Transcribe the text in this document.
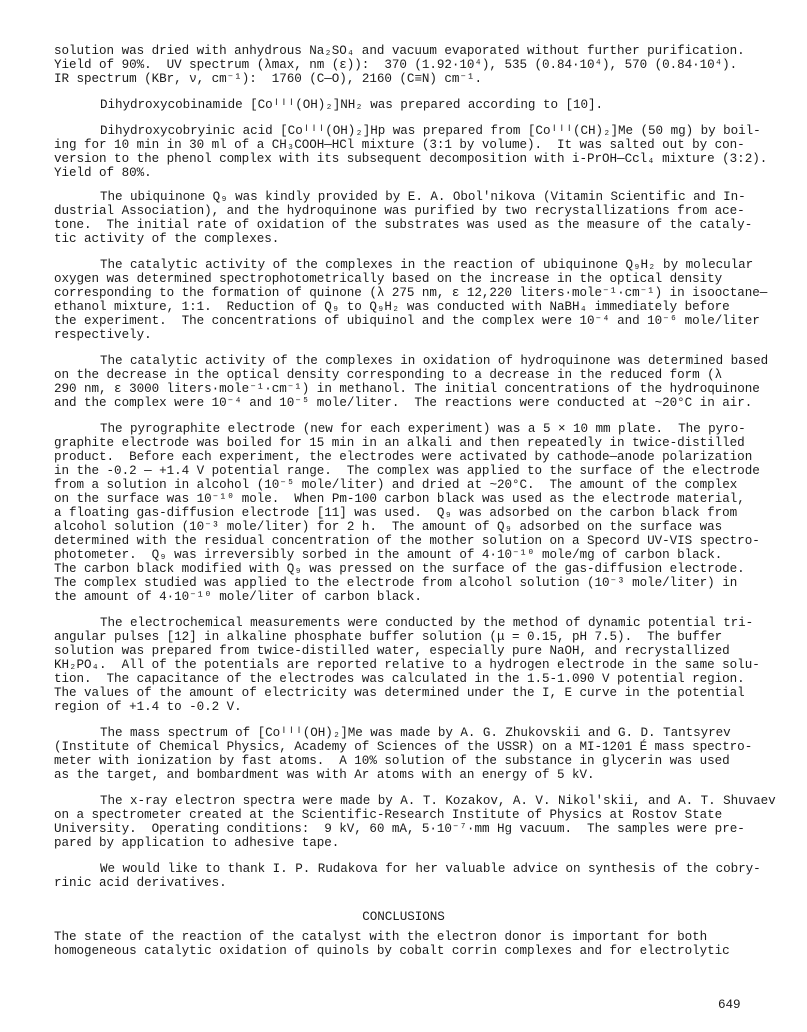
solution was dried with anhydrous Na₂SO₄ and vacuum evaporated without further purification.
Yield of 90%.  UV spectrum (λmax, nm (ε)):  370 (1.92·10⁴), 535 (0.84·10⁴), 570 (0.84·10⁴).
IR spectrum (KBr, ν, cm⁻¹):  1760 (C—O), 2160 (C≡N) cm⁻¹.
Dihydroxycobinamide [Coᴵᴵᴵ(OH)₂]NH₂ was prepared according to [10].
Dihydroxycobryinic acid [Coᴵᴵᴵ(OH)₂]Hp was prepared from [Coᴵᴵᴵ(CH)₂]Me (50 mg) by boil-
ing for 10 min in 30 ml of a CH₃COOH—HCl mixture (3:1 by volume).  It was salted out by con-
version to the phenol complex with its subsequent decomposition with i-PrOH—Ccl₄ mixture (3:2).
Yield of 80%.
The ubiquinone Q₉ was kindly provided by E. A. Obol'nikova (Vitamin Scientific and In-
dustrial Association), and the hydroquinone was purified by two recrystallizations from ace-
tone.  The initial rate of oxidation of the substrates was used as the measure of the cataly-
tic activity of the complexes.
The catalytic activity of the complexes in the reaction of ubiquinone Q₉H₂ by molecular
oxygen was determined spectrophotometrically based on the increase in the optical density
corresponding to the formation of quinone (λ 275 nm, ε 12,220 liters·mole⁻¹·cm⁻¹) in isooctane—
ethanol mixture, 1:1.  Reduction of Q₉ to Q₉H₂ was conducted with NaBH₄ immediately before
the experiment.  The concentrations of ubiquinol and the complex were 10⁻⁴ and 10⁻⁶ mole/liter
respectively.
The catalytic activity of the complexes in oxidation of hydroquinone was determined based
on the decrease in the optical density corresponding to a decrease in the reduced form (λ
290 nm, ε 3000 liters·mole⁻¹·cm⁻¹) in methanol. The initial concentrations of the hydroquinone
and the complex were 10⁻⁴ and 10⁻⁵ mole/liter.  The reactions were conducted at ~20°C in air.
The pyrographite electrode (new for each experiment) was a 5 × 10 mm plate.  The pyro-
graphite electrode was boiled for 15 min in an alkali and then repeatedly in twice-distilled
product.  Before each experiment, the electrodes were activated by cathode—anode polarization
in the -0.2 — +1.4 V potential range.  The complex was applied to the surface of the electrode
from a solution in alcohol (10⁻⁵ mole/liter) and dried at ~20°C.  The amount of the complex
on the surface was 10⁻¹⁰ mole.  When Pm-100 carbon black was used as the electrode material,
a floating gas-diffusion electrode [11] was used.  Q₉ was adsorbed on the carbon black from
alcohol solution (10⁻³ mole/liter) for 2 h.  The amount of Q₉ adsorbed on the surface was
determined with the residual concentration of the mother solution on a Specord UV-VIS spectro-
photometer.  Q₉ was irreversibly sorbed in the amount of 4·10⁻¹⁰ mole/mg of carbon black.
The carbon black modified with Q₉ was pressed on the surface of the gas-diffusion electrode.
The complex studied was applied to the electrode from alcohol solution (10⁻³ mole/liter) in
the amount of 4·10⁻¹⁰ mole/liter of carbon black.
The electrochemical measurements were conducted by the method of dynamic potential tri-
angular pulses [12] in alkaline phosphate buffer solution (μ = 0.15, pH 7.5).  The buffer
solution was prepared from twice-distilled water, especially pure NaOH, and recrystallized
KH₂PO₄.  All of the potentials are reported relative to a hydrogen electrode in the same solu-
tion.  The capacitance of the electrodes was calculated in the 1.5-1.090 V potential region.
The values of the amount of electricity was determined under the I, E curve in the potential
region of +1.4 to -0.2 V.
The mass spectrum of [Coᴵᴵᴵ(OH)₂]Me was made by A. G. Zhukovskii and G. D. Tantsyrev
(Institute of Chemical Physics, Academy of Sciences of the USSR) on a MI-1201 É mass spectro-
meter with ionization by fast atoms.  A 10% solution of the substance in glycerin was used
as the target, and bombardment was with Ar atoms with an energy of 5 kV.
The x-ray electron spectra were made by A. T. Kozakov, A. V. Nikol'skii, and A. T. Shuvaev
on a spectrometer created at the Scientific-Research Institute of Physics at Rostov State
University.  Operating conditions:  9 kV, 60 mA, 5·10⁻⁷·mm Hg vacuum.  The samples were pre-
pared by application to adhesive tape.
We would like to thank I. P. Rudakova for her valuable advice on synthesis of the cobry-
rinic acid derivatives.
The state of the reaction of the catalyst with the electron donor is important for both
homogeneous catalytic oxidation of quinols by cobalt corrin complexes and for electrolytic
CONCLUSIONS
649
